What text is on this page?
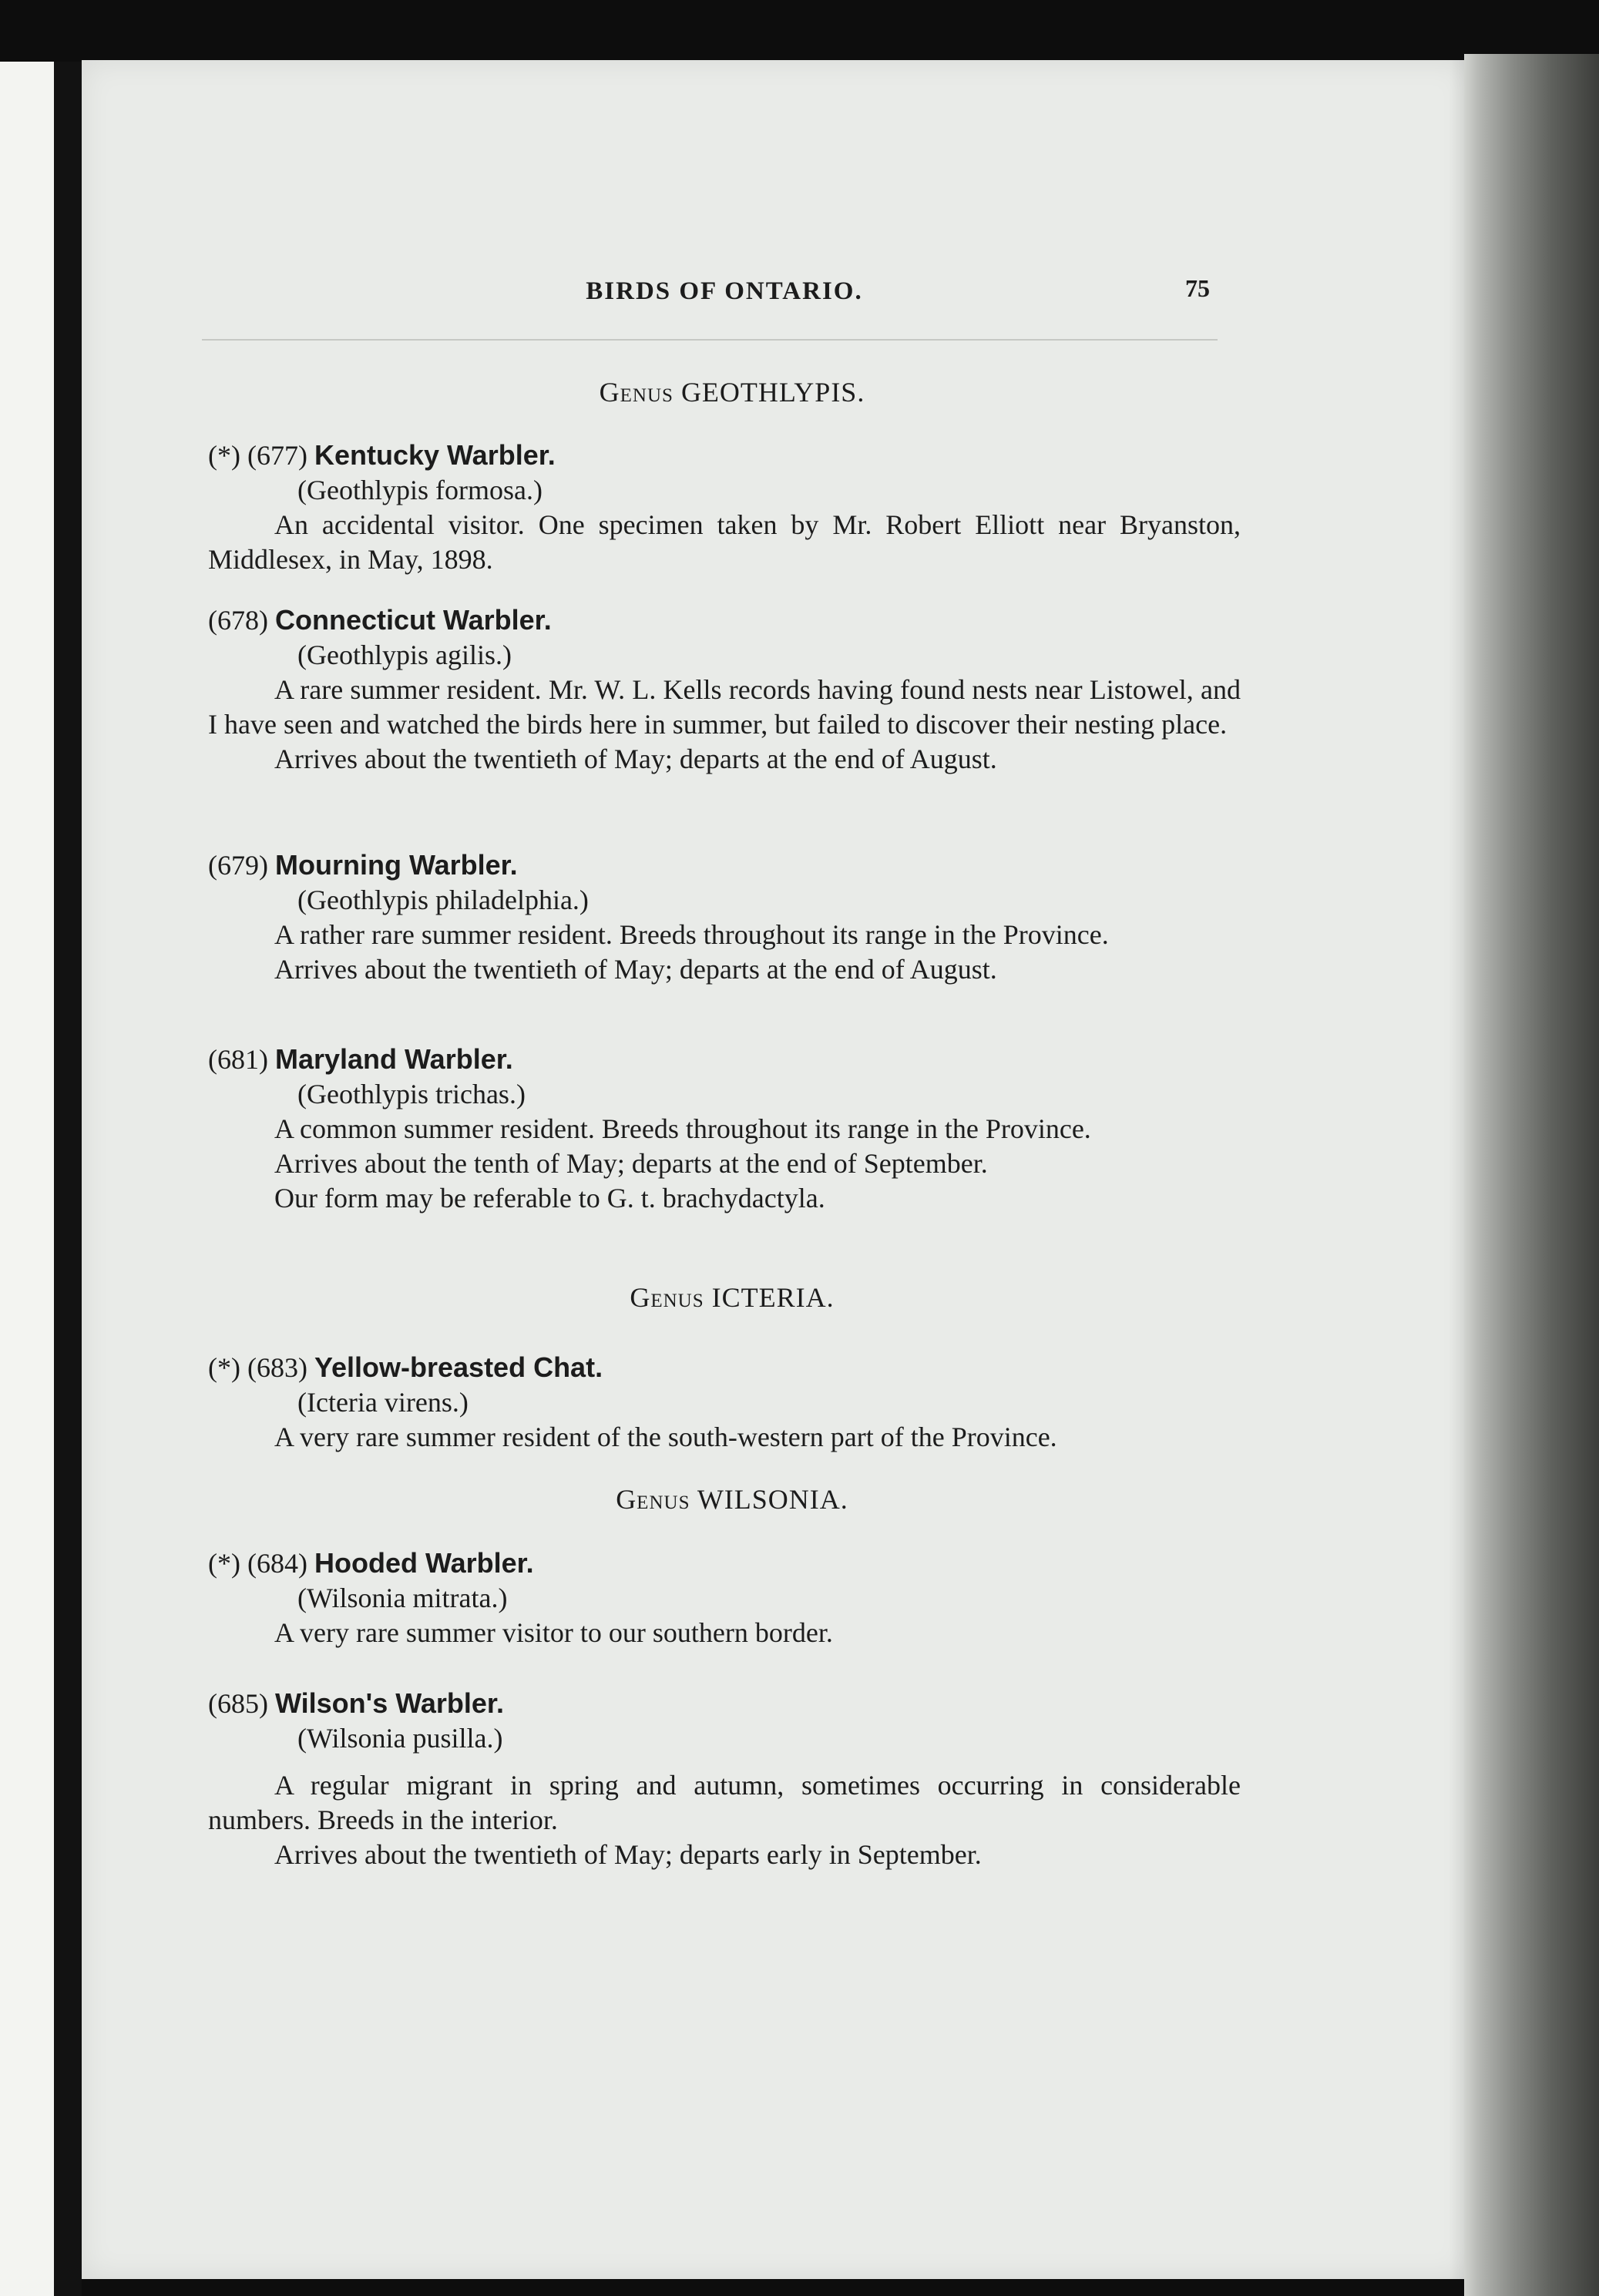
BIRDS OF ONTARIO.	75
Genus GEOTHLYPIS.

(*) (677) Kentucky Warbler.

(Geothlypis formosa.)

An accidental visitor. One specimen taken by Mr. Robert Elliott near Bryanston, Middlesex, in May, 1898.

(678) Connecticut Warbler.

(Geothlypis agilis.)

A rare summer resident. Mr. W. L. Kells records having found nests near Listowel, and I have seen and watched the birds here in summer, but failed to discover their nesting place.

Arrives about the twentieth of May; departs at the end of August.

(679) Mourning Warbler.

(Geothlypis philadelphia.)

A rather rare summer resident. Breeds throughout its range in the Province.

Arrives about the twentieth of May; departs at the end of August.

(681) Maryland Warbler.

(Geothlypis trichas.)

A common summer resident. Breeds throughout its range in the Province.

Arrives about the tenth of May; departs at the end of September.

Our form may be referable to G. t. brachydactyla.

Genus ICTERIA.

(*) (683) Yellow-breasted Chat.

(Icteria virens.)

A very rare summer resident of the south-western part of the Province.

Genus WILSONIA.

(*) (684) Hooded Warbler.

(Wilsonia mitrata.)

A very rare summer visitor to our southern border.

(685) Wilson's Warbler.

(Wilsonia pusilla.)

A regular migrant in spring and autumn, sometimes occurring in considerable numbers. Breeds in the interior.

Arrives about the twentieth of May; departs early in September.
